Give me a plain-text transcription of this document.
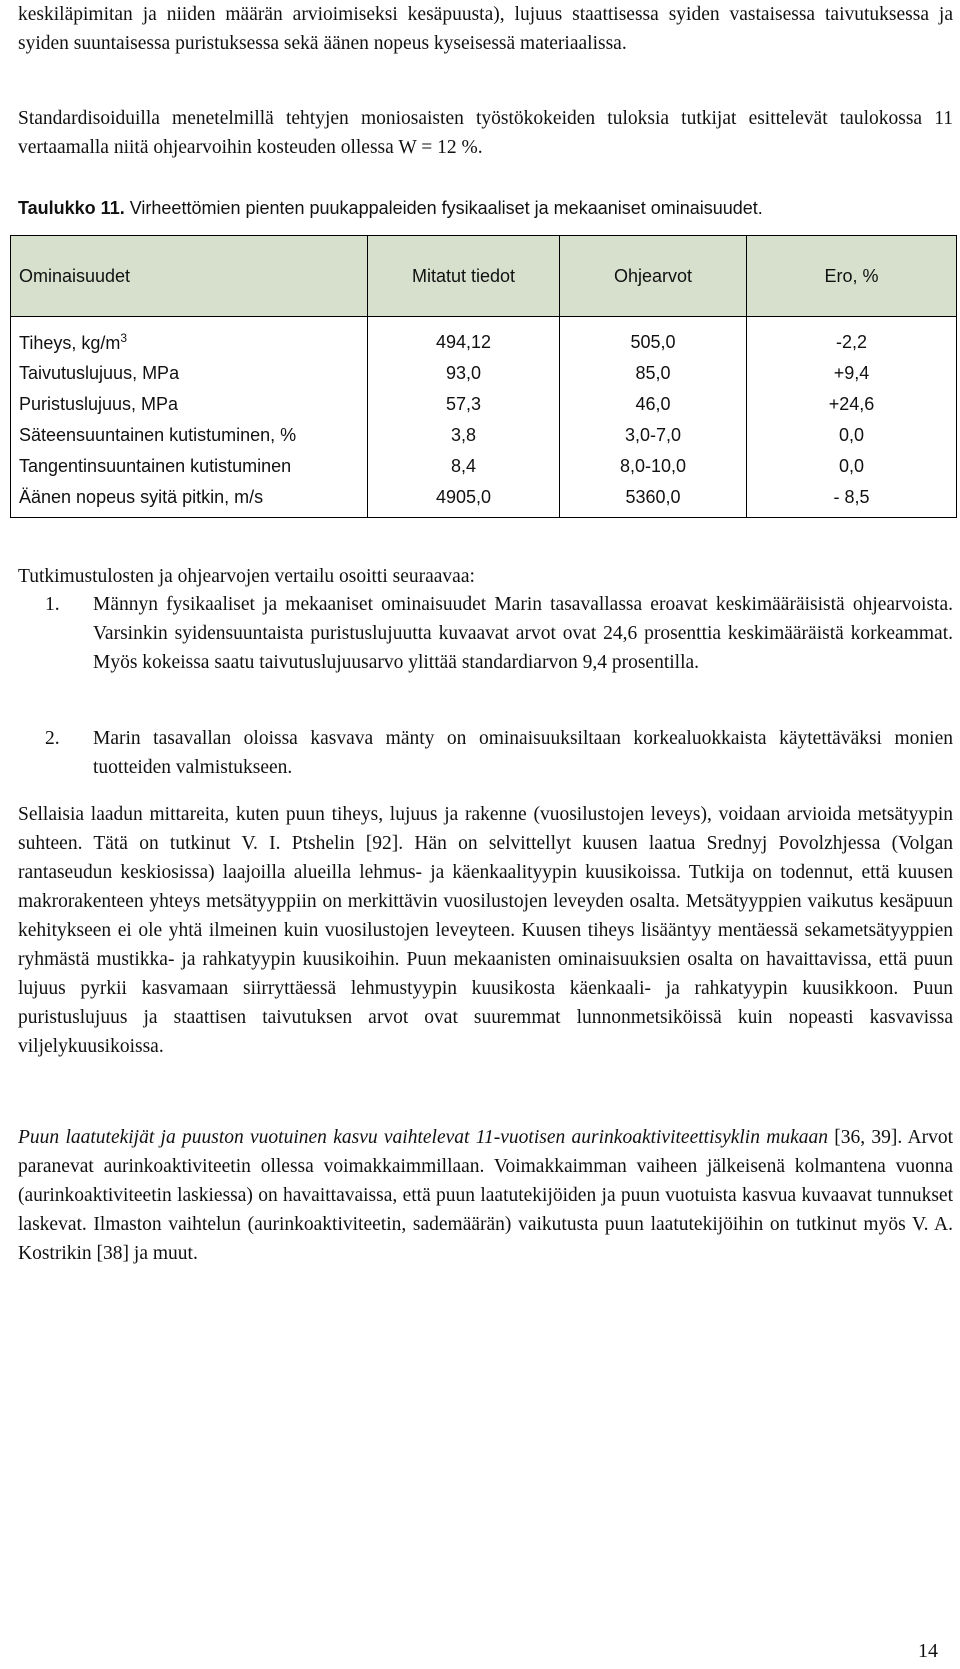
keskiläpimitan ja niiden määrän arvioimiseksi kesäpuusta), lujuus staattisessa syiden vastaisessa taivutuksessa ja syiden suuntaisessa puristuksessa sekä äänen nopeus kyseisessä materiaalissa.

Standardisoiduilla menetelmillä tehtyjen moniosaisten työstökokeiden tuloksia tutkijat esittelevät taulokossa 11 vertaamalla niitä ohjearvoihin kosteuden ollessa W = 12 %.

Taulukko 11. Virheettömien pienten puukappaleiden fysikaaliset ja mekaaniset ominaisuudet.

Ominaisuudet	Mitatut tiedot	Ohjearvot	Ero, %
Tiheys, $kg/m^3$	494,12	505,0	-2,2
Taivutuslujuus, MPa	93,0	85,0	+9,4
Puristuslujuus, MPa	57,3	46,0	+24,6
Säteensuuntainen kutistuminen, %	3,8	3,0-7,0	0,0
Tangentinsuuntainen kutistuminen	8,4	8,0-10,0	0,0
Äänen nopeus syitä pitkin, m/s	4905,0	5360,0	- 8,5

Tutkimustulosten ja ohjearvojen vertailu osoitti seuraavaa:

1.	Männyn fysikaaliset ja mekaaniset ominaisuudet Marin tasavallassa eroavat keskimääräisistä ohjearvoista. Varsinkin syidensuuntaista puristuslujuutta kuvaavat arvot ovat 24,6 prosenttia keskimääräistä korkeammat. Myös kokeissa saatu taivutuslujuusarvo ylittää standardiarvon 9,4 prosentilla.
2.	Marin tasavallan oloissa kasvava mänty on ominaisuuksiltaan korkealuokkaista käytettäväksi monien tuotteiden valmistukseen.

Sellaisia laadun mittareita, kuten puun tiheys, lujuus ja rakenne (vuosilustojen leveys), voidaan arvioida metsätyypin suhteen. Tätä on tutkinut V. I. Ptshelin [92]. Hän on selvittellyt kuusen laatua Srednyj Povolzhjessa (Volgan rantaseudun keskiosissa) laajoilla alueilla lehmus- ja käenkaalityypin kuusikoissa. Tutkija on todennut, että kuusen makrorakenteen yhteys metsätyyppiin on merkittävin vuosilustojen leveyden osalta. Metsätyyppien vaikutus kesäpuun kehitykseen ei ole yhtä ilmeinen kuin vuosilustojen leveyteen. Kuusen tiheys lisääntyy mentäessä sekametsätyyppien ryhmästä mustikka- ja rahkatyypin kuusikoihin. Puun mekaanisten ominaisuuksien osalta on havaittavissa, että puun lujuus pyrkii kasvamaan siirryttäessä lehmustyypin kuusikosta käenkaali- ja rahkatyypin kuusikkoon. Puun puristuslujuus ja staattisen taivutuksen arvot ovat suuremmat lunnonmetsiköissä kuin nopeasti kasvavissa viljelykuusikoissa.

Puun laatutekijät ja puuston vuotuinen kasvu vaihtelevat 11-vuotisen aurinkoaktiviteettisyklin mukaan [36, 39]. Arvot paranevat aurinkoaktiviteetin ollessa voimakkaimmillaan. Voimakkaimman vaiheen jälkeisenä kolmantena vuonna (aurinkoaktiviteetin laskiessa) on havaittavaissa, että puun laatutekijöiden ja puun vuotuista kasvua kuvaavat tunnukset laskevat. Ilmaston vaihtelun (aurinkoaktiviteetin, sademäärän) vaikutusta puun laatutekijöihin on tutkinut myös V. A. Kostrikin [38] ja muut.

14
